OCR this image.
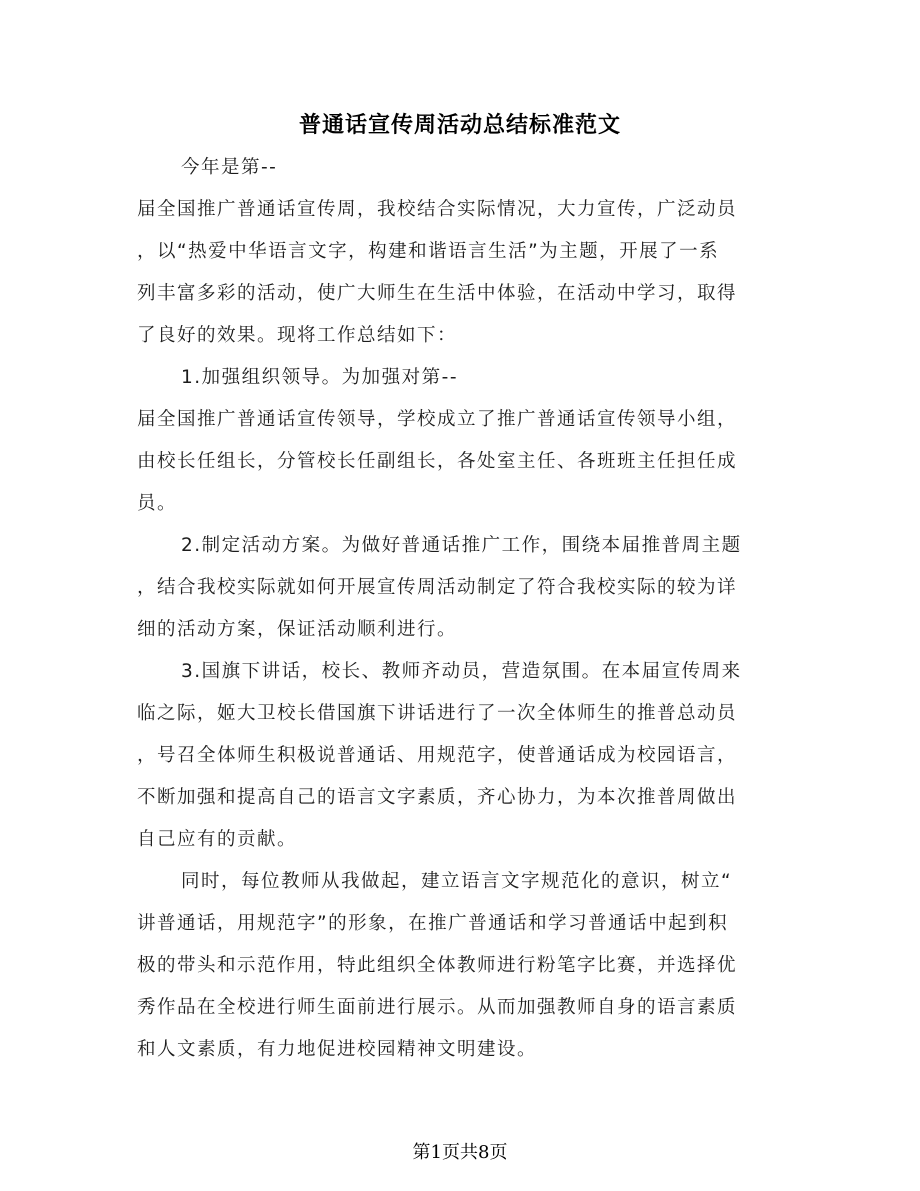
普通话宣传周活动总结标准范文
今年是第--
届全国推广普通话宣传周，我校结合实际情况，大力宣传，广泛动员
，以“热爱中华语言文字，构建和谐语言生活”为主题，开展了一系
列丰富多彩的活动，使广大师生在生活中体验，在活动中学习，取得
了良好的效果。现将工作总结如下：
1.加强组织领导。为加强对第--
届全国推广普通话宣传领导，学校成立了推广普通话宣传领导小组，
由校长任组长，分管校长任副组长，各处室主任、各班班主任担任成
员。
2.制定活动方案。为做好普通话推广工作，围绕本届推普周主题
，结合我校实际就如何开展宣传周活动制定了符合我校实际的较为详
细的活动方案，保证活动顺利进行。
3.国旗下讲话，校长、教师齐动员，营造氛围。在本届宣传周来
临之际，姬大卫校长借国旗下讲话进行了一次全体师生的推普总动员
，号召全体师生积极说普通话、用规范字，使普通话成为校园语言，
不断加强和提高自己的语言文字素质，齐心协力，为本次推普周做出
自己应有的贡献。
同时，每位教师从我做起，建立语言文字规范化的意识，树立“
讲普通话，用规范字”的形象，在推广普通话和学习普通话中起到积
极的带头和示范作用，特此组织全体教师进行粉笔字比赛，并选择优
秀作品在全校进行师生面前进行展示。从而加强教师自身的语言素质
和人文素质，有力地促进校园精神文明建设。
第1页共8页
